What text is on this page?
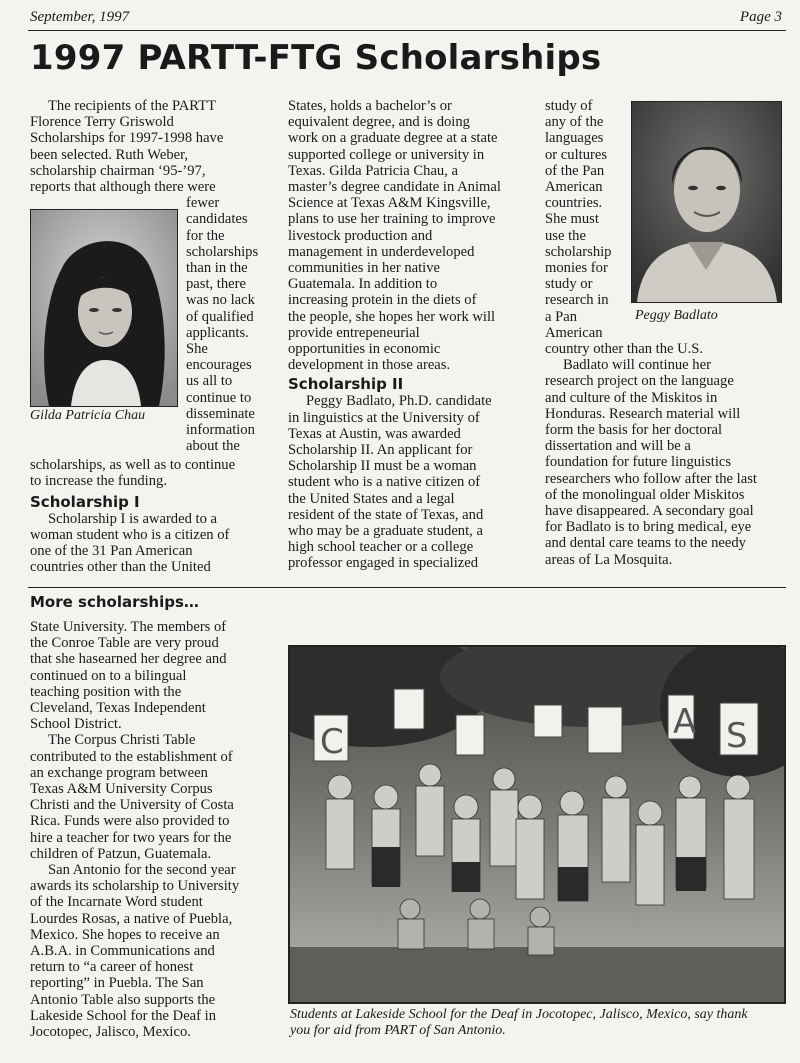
September, 1997	Page 3
1997 PARTT-FTG Scholarships
The recipients of the PARTT
Florence Terry Griswold
Scholarships for 1997-1998 have
been selected. Ruth Weber,
scholarship chairman ‘95-’97,
reports that although there were
Gilda Patricia Chau
fewer
candidates
for the
scholarships
than in the
past, there
was no lack
of qualified
applicants.
She
encourages
us all to
continue to
disseminate
information
about the
scholarships, as well as to continue
to increase the funding.
Scholarship I
Scholarship I is awarded to a
woman student who is a citizen of
one of the 31 Pan American
countries other than the United
States, holds a bachelor’s or
equivalent degree, and is doing
work on a graduate degree at a state
supported college or university in
Texas. Gilda Patricia Chau, a
master’s degree candidate in Animal
Science at Texas A&M Kingsville,
plans to use her training to improve
livestock production and
management in underdeveloped
communities in her native
Guatemala. In addition to
increasing protein in the diets of
the people, she hopes her work will
provide entrepeneurial
opportunities in economic
development in those areas.
Scholarship II
Peggy Badlato, Ph.D. candidate
in linguistics at the University of
Texas at Austin, was awarded
Scholarship II. An applicant for
Scholarship II must be a woman
student who is a native citizen of
the United States and a legal
resident of the state of Texas, and
who may be a graduate student, a
high school teacher or a college
professor engaged in specialized
study of
any of the
languages
or cultures
of the Pan
American
countries.
She must
use the
scholarship
monies for
study or
research in
a Pan
American
Peggy Badlato
country other than the U.S.
Badlato will continue her
research project on the language
and culture of the Miskitos in
Honduras. Research material will
form the basis for her doctoral
dissertation and will be a
foundation for future linguistics
researchers who follow after the last
of the monolingual older Miskitos
have disappeared. A secondary goal
for Badlato is to bring medical, eye
and dental care teams to the needy
areas of La Mosquita.
More scholarships…
State University. The members of
the Conroe Table are very proud
that she hasearned her degree and
continued on to a bilingual
teaching position with the
Cleveland, Texas Independent
School District.
The Corpus Christi Table
contributed to the establishment of
an exchange program between
Texas A&M University Corpus
Christi and the University of Costa
Rica. Funds were also provided to
hire a teacher for two years for the
children of Patzun, Guatemala.
San Antonio for the second year
awards its scholarship to University
of the Incarnate Word student
Lourdes Rosas, a native of Puebla,
Mexico. She hopes to receive an
A.B.A. in Communications and
return to “a career of honest
reporting” in Puebla. The San
Antonio Table also supports the
Lakeside School for the Deaf in
Jocotopec, Jalisco, Mexico.
C	A S
Students at Lakeside School for the Deaf in Jocotopec, Jalisco, Mexico, say thank
you for aid from PART of San Antonio.
